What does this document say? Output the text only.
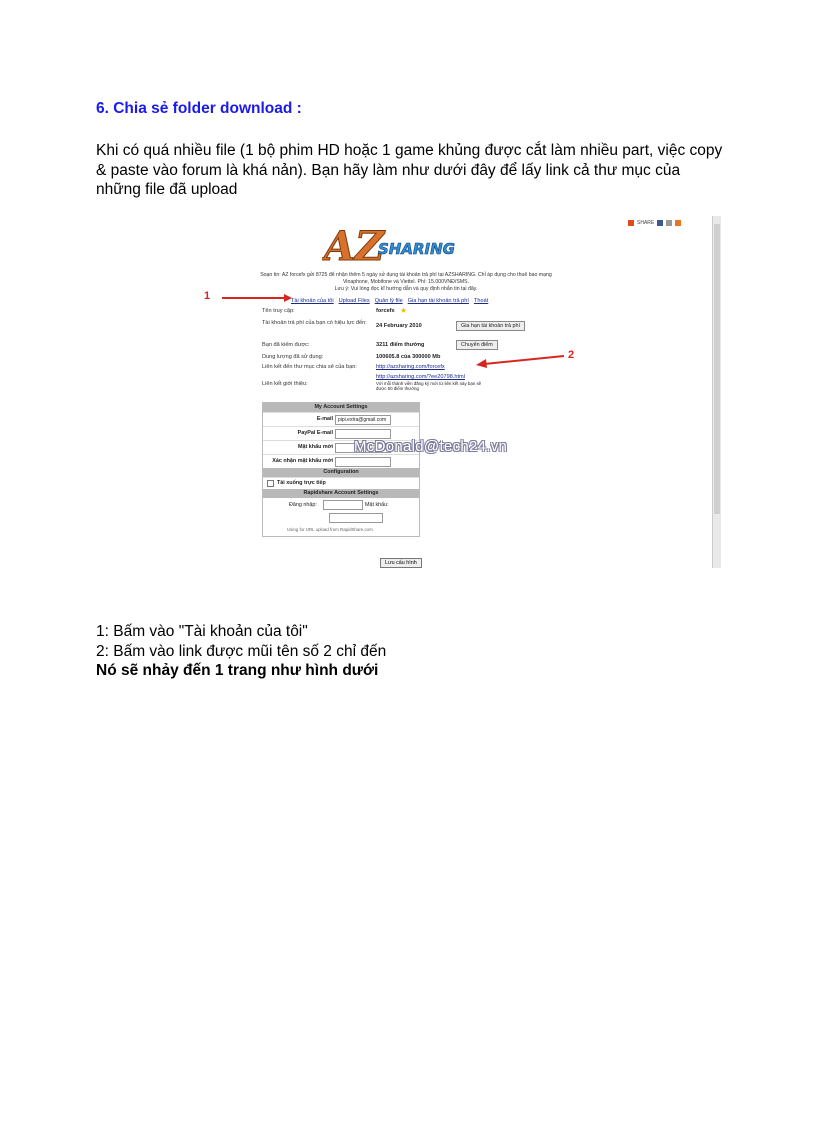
6. Chia sẻ folder download :
Khi có quá nhiều file (1 bộ phim HD hoặc 1 game khủng được cắt làm nhiều part, việc copy & paste vào forum là khá nản). Bạn hãy làm như dưới đây để lấy link cả thư mục của những file đã upload
SHARE
AZ
SHARING
Soạn tin: AZ forcefx gửi 8725 để nhận thêm 5 ngày sử dụng tài khoản trả phí tại AZSHARING. Chỉ áp dụng cho thuê bao mạng
Vinaphone, Mobifone và Viettel. Phí: 15.000VNĐ/SMS.
Lưu ý: Vui lòng đọc kĩ hướng dẫn và quy định nhắn tin tại đây.
Tài khoản của tôi Upload Files Quản lý file Gia hạn tài khoản trả phí Thoát
Tên truy cập:	forcefx ★
Tài khoản trả phí của bạn có hiệu lực đến:	24 February 2010	Gia hạn tài khoản trả phí
Bạn đã kiếm được:	3211 điểm thưởng	Chuyển điểm
Dung lượng đã sử dụng:	100605.8 của 300000 Mb
Liên kết đến thư mục chia sẻ của bạn:	http://azsharing.com/forcefx
http://azsharing.com/?ee20798.html
Liên kết giới thiệu:	Với mỗi thành viên đăng ký mới từ liên kết này bạn sẽ được 50 điểm thưởng
My Account Settings
E-mail	pipi.extra@gmail.com
PayPal E-mail
Mật khẩu mới
Xác nhận mật khẩu mới
Configuration
Tải xuống trực tiếp
Rapidshare Account Settings
Đăng nhập:	Mật khẩu:
Using for URL upload from RapidShare.com
McDonald@tech24.vn
Lưu cấu hình
1
2
1: Bấm vào "Tài khoản của tôi"
2: Bấm vào link được mũi tên số 2 chỉ đến
Nó sẽ nhảy đến 1 trang như hình dưới
